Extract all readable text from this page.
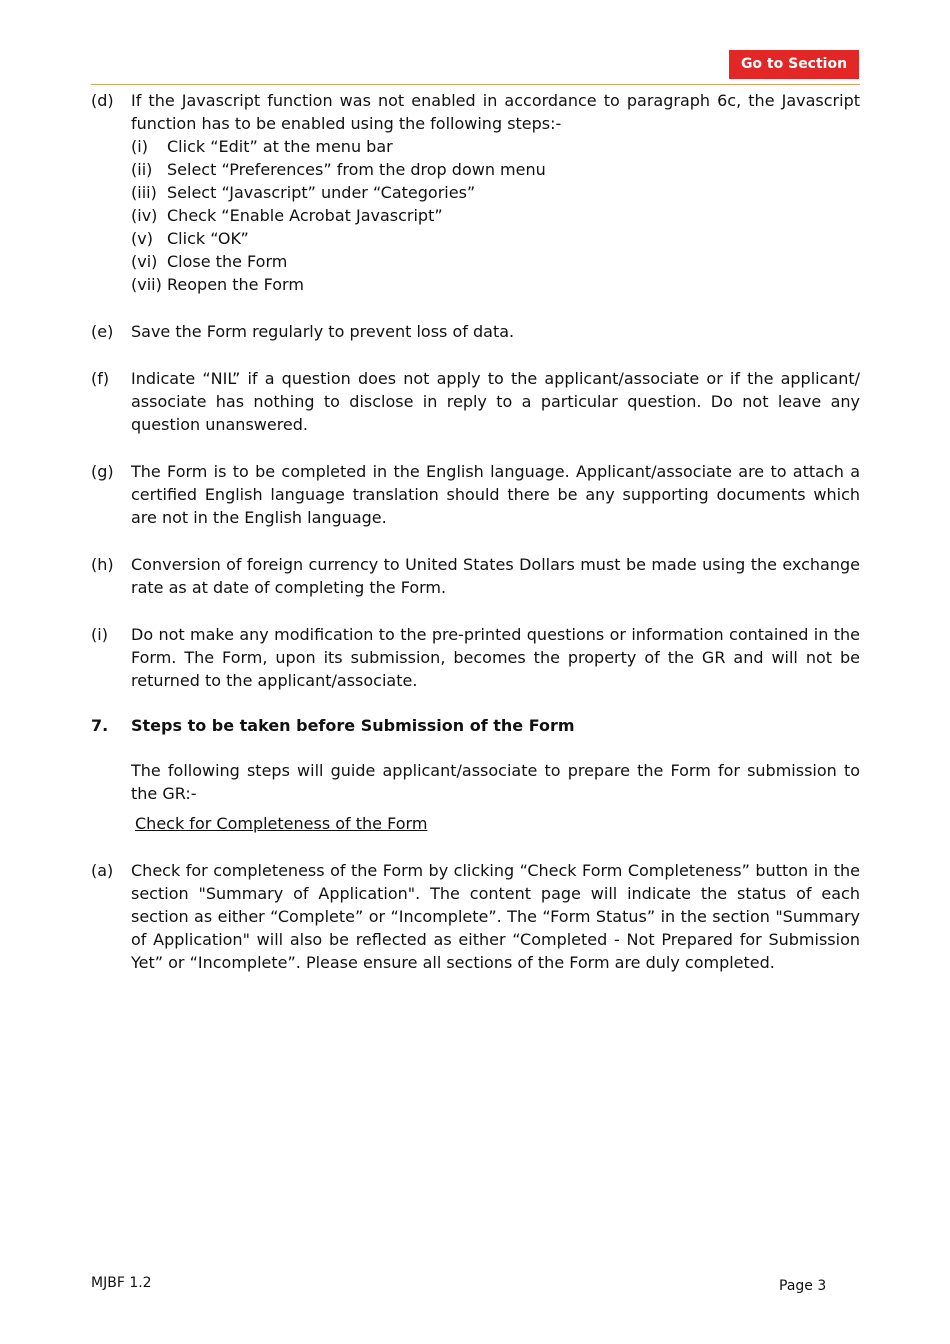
Go to Section
(d)	If the Javascript function was not enabled in accordance to paragraph 6c, the Javascript function has to be enabled using the following steps:-
(i)	Click “Edit” at the menu bar
(ii) Select “Preferences” from the drop down menu
(iii) Select “Javascript” under “Categories”
(iv) Check “Enable Acrobat Javascript”
(v) Click “OK”
(vi) Close the Form
(vii) Reopen the Form
(e)	Save the Form regularly to prevent loss of data.
(f)	Indicate “NIL” if a question does not apply to the applicant/associate or if the applicant/ associate has nothing to disclose in reply to a particular question. Do not leave any question unanswered.
(g)	The Form is to be completed in the English language. Applicant/associate are to attach a certified English language translation should there be any supporting documents which are not in the English language.
(h)	Conversion of foreign currency to United States Dollars must be made using the exchange rate as at date of completing the Form.
(i)	Do not make any modification to the pre-printed questions or information contained in the Form. The Form, upon its submission, becomes the property of the GR and will not be returned to the applicant/associate.
7.	Steps to be taken before Submission of the Form
The following steps will guide applicant/associate to prepare the Form for submission to the GR:-
Check for Completeness of the Form
(a)	Check for completeness of the Form by clicking “Check Form Completeness” button in the section "Summary of Application". The content page will indicate the status of each section as either “Complete” or “Incomplete”. The “Form Status” in the section "Summary of Application" will also be reflected as either “Completed - Not Prepared for Submission Yet” or “Incomplete”. Please ensure all sections of the Form are duly completed.
MJBF 1.2	Page 3
